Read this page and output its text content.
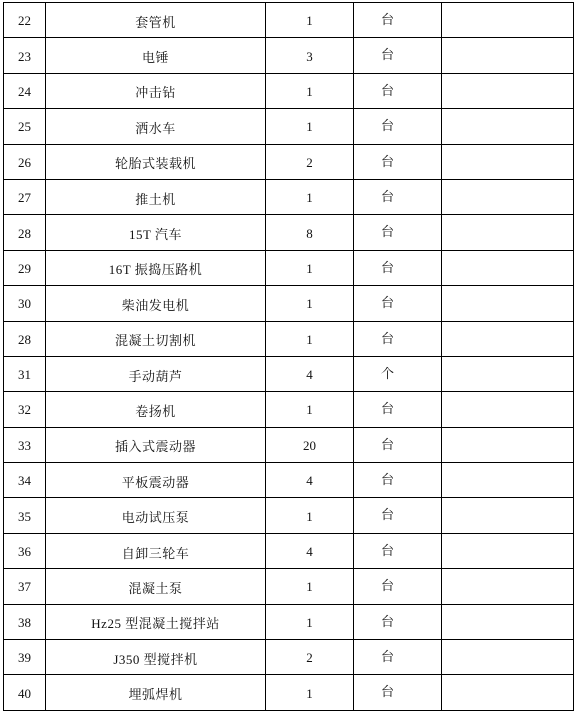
22	套管机	1	台	
23	电锤	3	台	
24	冲击钻	1	台	
25	洒水车	1	台	
26	轮胎式装载机	2	台	
27	推土机	1	台	
28	15T 汽车	8	台	
29	16T 振捣压路机	1	台	
30	柴油发电机	1	台	
28	混凝土切割机	1	台	
31	手动葫芦	4	个	
32	卷扬机	1	台	
33	插入式震动器	20	台	
34	平板震动器	4	台	
35	电动试压泵	1	台	
36	自卸三轮车	4	台	
37	混凝土泵	1	台	
38	Hz25 型混凝土搅拌站	1	台	
39	J350 型搅拌机	2	台	
40	埋弧焊机	1	台	
